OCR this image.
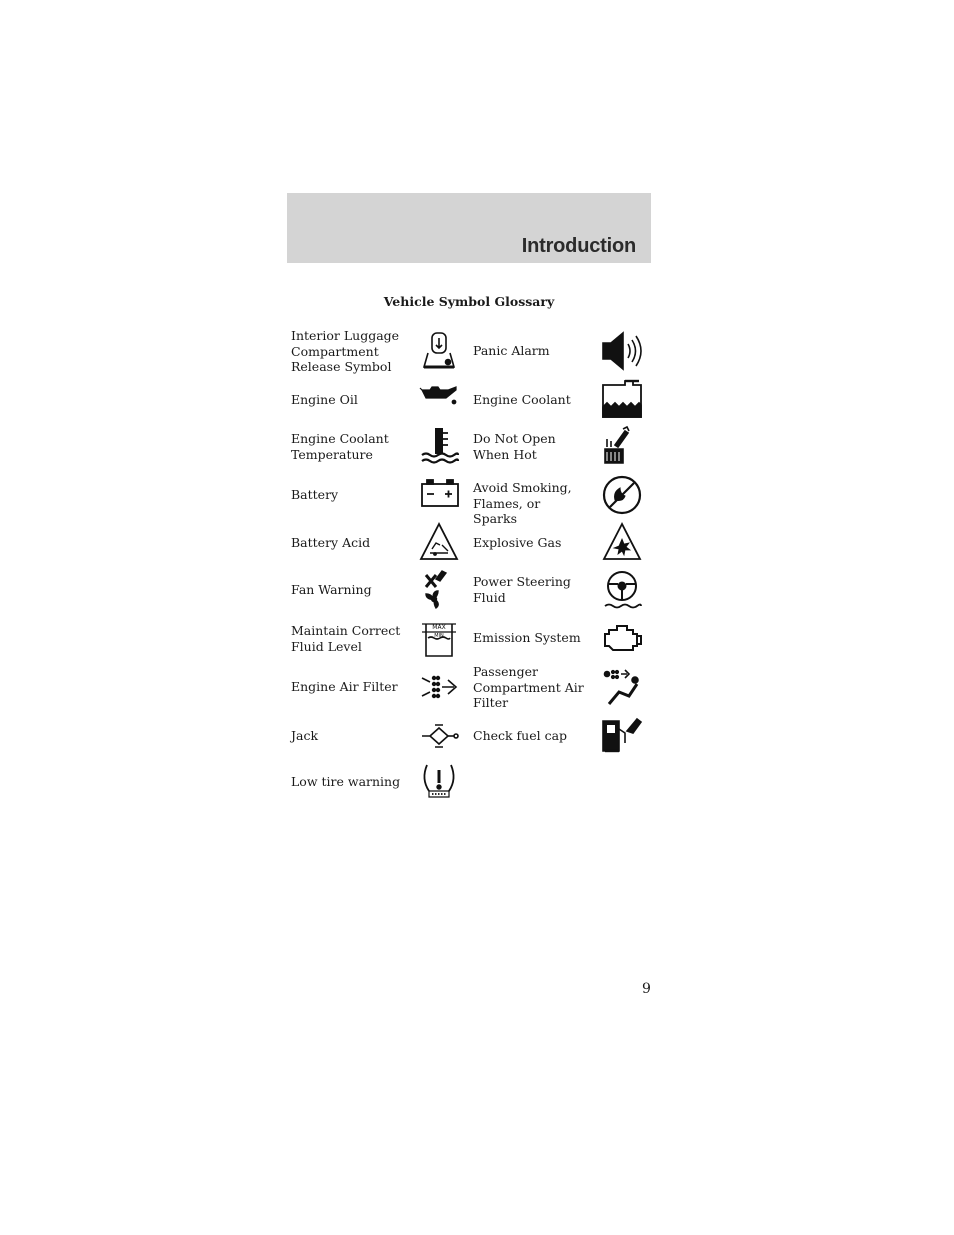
Introduction
Vehicle Symbol Glossary
Interior Luggage Compartment Release Symbol
Engine Oil
Engine Coolant Temperature
Battery
Battery Acid
Fan Warning
Maintain Correct Fluid Level
Engine Air Filter
Jack
Low tire warning
Panic Alarm
Engine Coolant
Do Not Open When Hot
Avoid Smoking, Flames, or Sparks
Explosive Gas
Power Steering Fluid
Emission System
Passenger Compartment Air Filter
Check fuel cap
MAX
MIN
9
